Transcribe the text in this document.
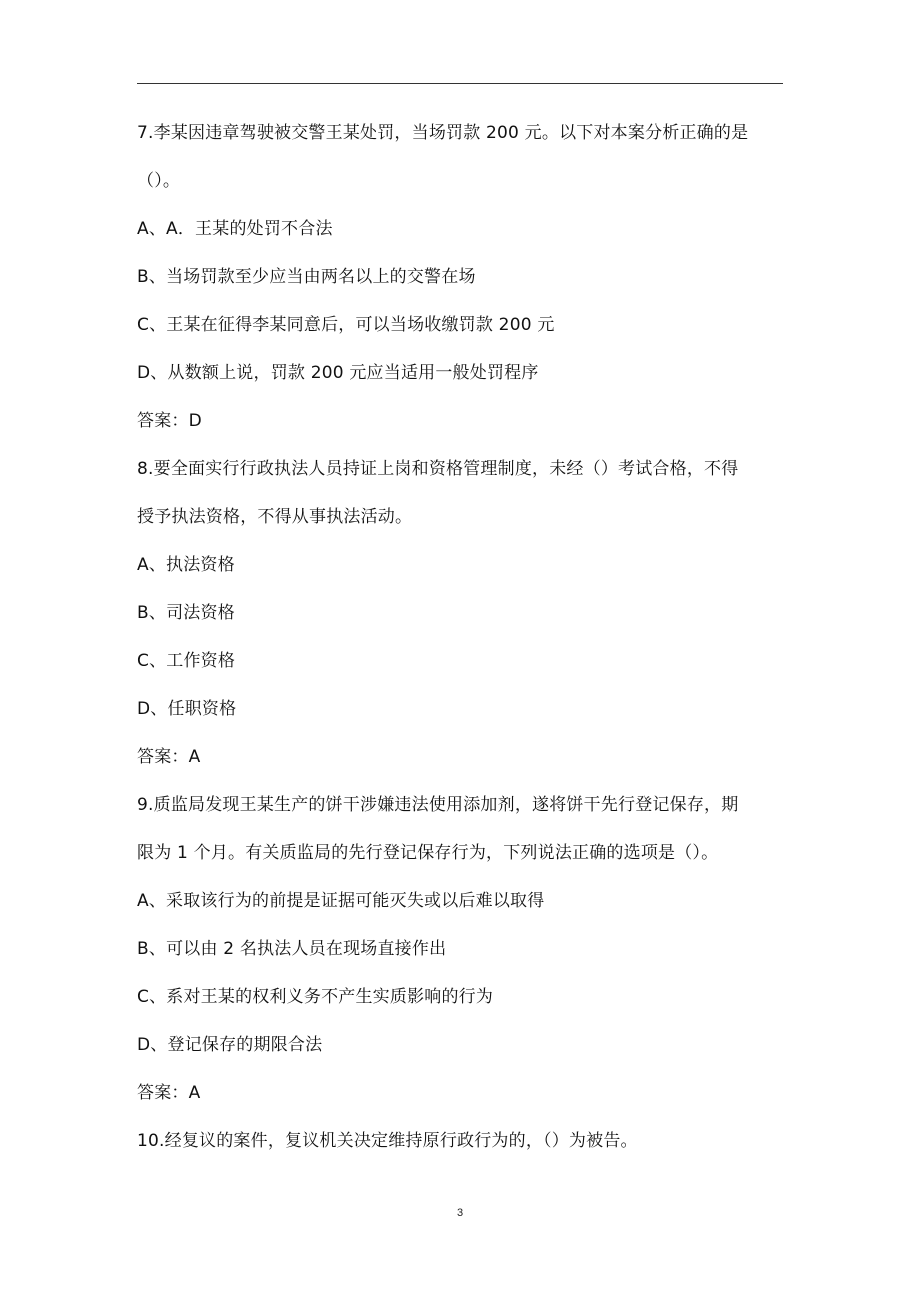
7.李某因违章驾驶被交警王某处罚，当场罚款 200 元。以下对本案分析正确的是
（）。
A、A．王某的处罚不合法
B、当场罚款至少应当由两名以上的交警在场
C、王某在征得李某同意后，可以当场收缴罚款 200 元
D、从数额上说，罚款 200 元应当适用一般处罚程序
答案：D
8.要全面实行行政执法人员持证上岗和资格管理制度，未经（）考试合格，不得
授予执法资格，不得从事执法活动。
A、执法资格
B、司法资格
C、工作资格
D、任职资格
答案：A
9.质监局发现王某生产的饼干涉嫌违法使用添加剂，遂将饼干先行登记保存，期
限为 1 个月。有关质监局的先行登记保存行为，下列说法正确的选项是（）。
A、采取该行为的前提是证据可能灭失或以后难以取得
B、可以由 2 名执法人员在现场直接作出
C、系对王某的权利义务不产生实质影响的行为
D、登记保存的期限合法
答案：A
10.经复议的案件，复议机关决定维持原行政行为的，（）为被告。
3
